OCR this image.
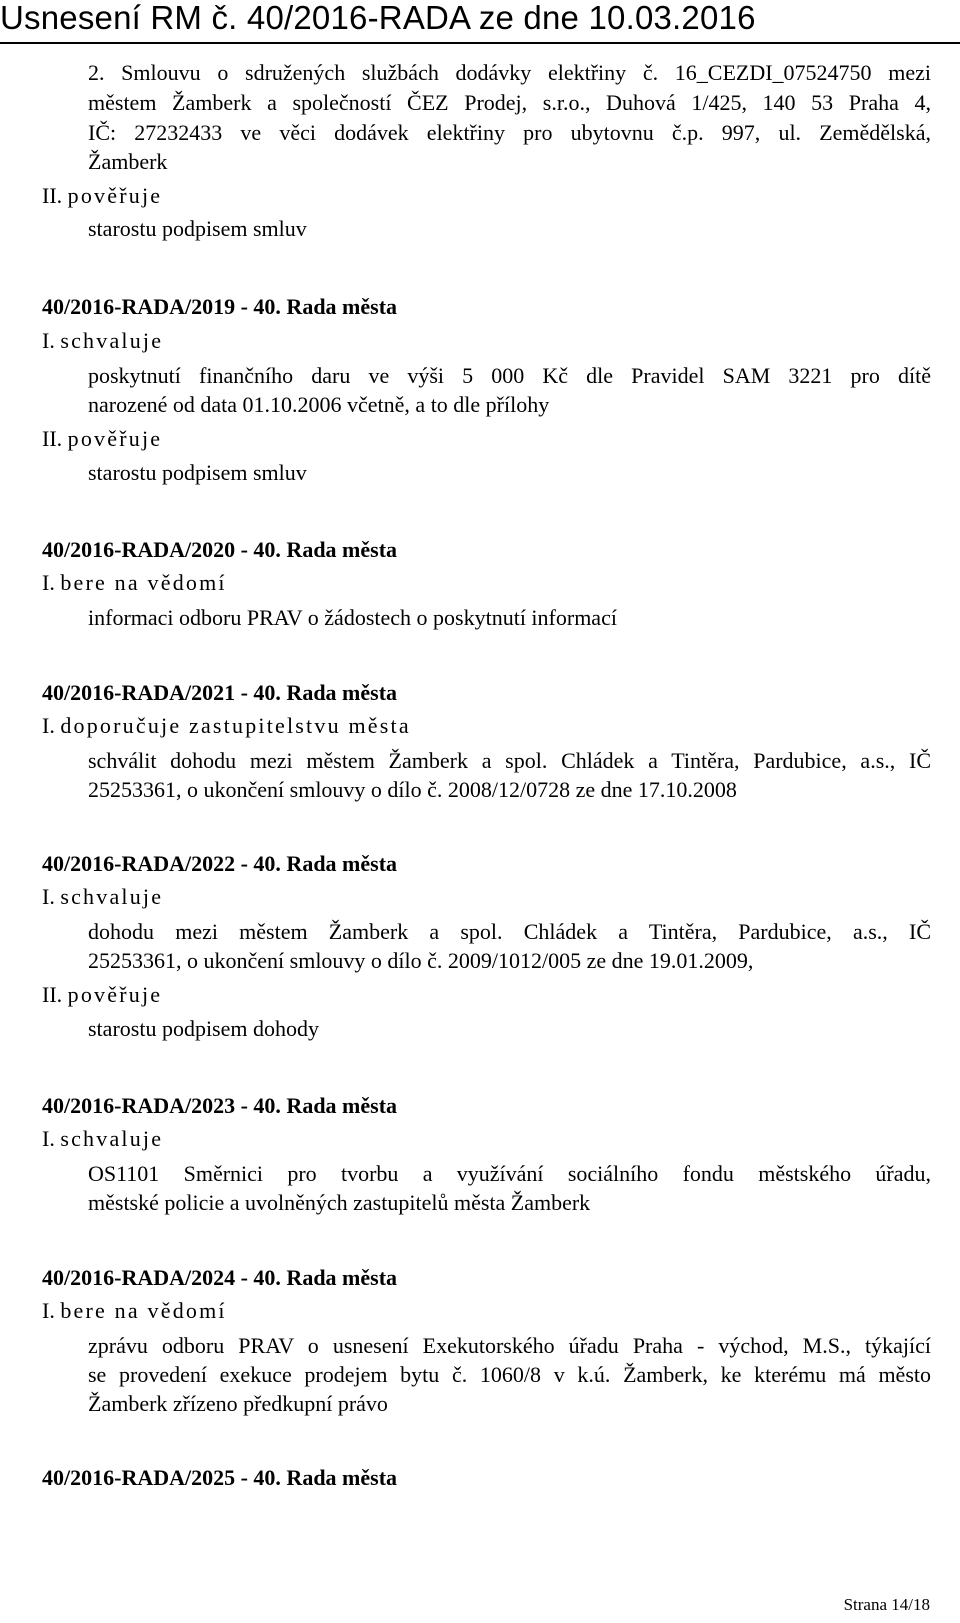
Usnesení RM č. 40/2016-RADA ze dne 10.03.2016
2. Smlouvu o sdružených službách dodávky elektřiny č. 16_CEZDI_07524750 mezi
městem Žamberk a společností ČEZ Prodej, s.r.o., Duhová 1/425, 140 53 Praha 4,
IČ: 27232433 ve věci dodávek elektřiny pro ubytovnu č.p. 997, ul. Zemědělská,
Žamberk
II. pověřuje
starostu podpisem smluv
40/2016-RADA/2019 - 40. Rada města
I. schvaluje
poskytnutí finančního daru ve výši 5 000 Kč dle Pravidel SAM 3221 pro dítě
narozené od data 01.10.2006 včetně, a to dle přílohy
II. pověřuje
starostu podpisem smluv
40/2016-RADA/2020 - 40. Rada města
I. bere na vědomí
informaci odboru PRAV o žádostech o poskytnutí informací
40/2016-RADA/2021 - 40. Rada města
I. doporučuje zastupitelstvu města
schválit dohodu mezi městem Žamberk a spol. Chládek a Tintěra, Pardubice, a.s., IČ
25253361, o ukončení smlouvy o dílo č. 2008/12/0728 ze dne 17.10.2008
40/2016-RADA/2022 - 40. Rada města
I. schvaluje
dohodu mezi městem Žamberk a spol. Chládek a Tintěra, Pardubice, a.s., IČ
25253361, o ukončení smlouvy o dílo č. 2009/1012/005 ze dne 19.01.2009,
II. pověřuje
starostu podpisem dohody
40/2016-RADA/2023 - 40. Rada města
I. schvaluje
OS1101 Směrnici pro tvorbu a využívání sociálního fondu městského úřadu,
městské policie a uvolněných zastupitelů města Žamberk
40/2016-RADA/2024 - 40. Rada města
I. bere na vědomí
zprávu odboru PRAV o usnesení Exekutorského úřadu Praha - východ, M.S., týkající
se provedení exekuce prodejem bytu č. 1060/8 v k.ú. Žamberk, ke kterému má město
Žamberk zřízeno předkupní právo
40/2016-RADA/2025 - 40. Rada města
Strana 14/18
